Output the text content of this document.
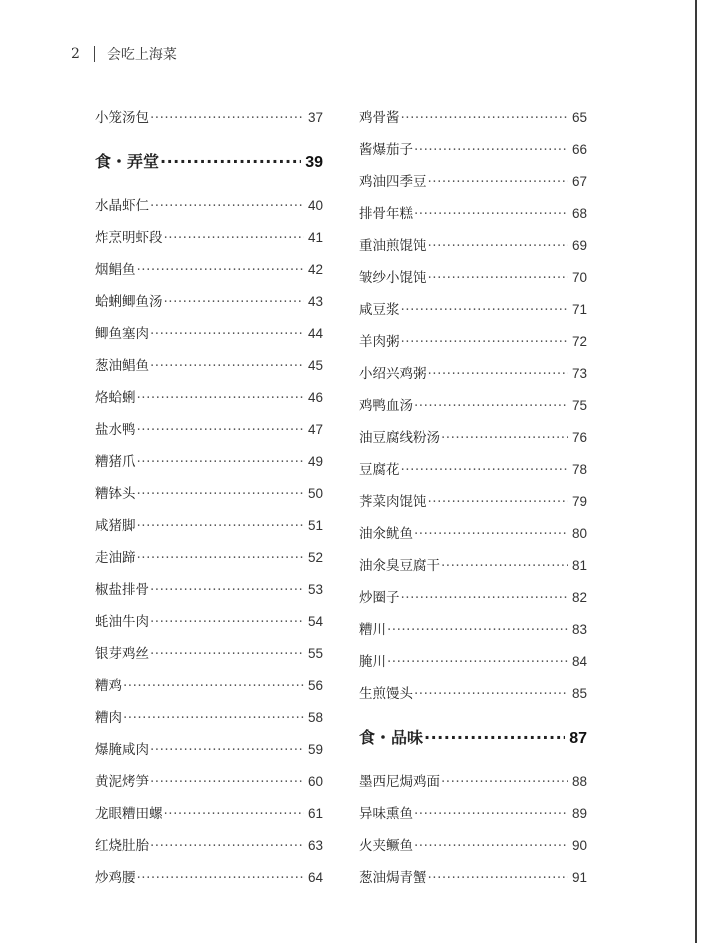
2 会吃上海菜
小笼汤包 ·····	37
食・弄堂 ·····	39
水晶虾仁 ·····	40
炸烹明虾段 ·····	41
烟鲳鱼 ·····	42
蛤蜊鲫鱼汤 ·····	43
鲫鱼塞肉 ·····	44
葱油鲳鱼 ·····	45
烙蛤蜊 ·····	46
盐水鸭 ·····	47
糟猪爪 ·····	49
糟钵头 ·····	50
咸猪脚 ·····	51
走油蹄 ·····	52
椒盐排骨 ·····	53
蚝油牛肉 ·····	54
银芽鸡丝 ·····	55
糟鸡 ·····	56
糟肉 ·····	58
爆腌咸肉 ·····	59
黄泥烤笋 ·····	60
龙眼糟田螺 ·····	61
红烧肚胎 ·····	63
炒鸡腰 ·····	64
鸡骨酱 ·····	65
酱爆茄子 ·····	66
鸡油四季豆 ·····	67
排骨年糕 ·····	68
重油煎馄饨 ·····	69
皱纱小馄饨 ·····	70
咸豆浆 ·····	71
羊肉粥 ·····	72
小绍兴鸡粥 ·····	73
鸡鸭血汤 ·····	75
油豆腐线粉汤 ·····	76
豆腐花 ·····	78
荠菜肉馄饨 ·····	79
油氽鱿鱼 ·····	80
油氽臭豆腐干 ·····	81
炒圈子 ·····	82
糟川 ·····	83
腌川 ·····	84
生煎馒头 ·····	85
食・品味 ·····	87
墨西尼焗鸡面 ·····	88
异味熏鱼 ·····	89
火夹鳜鱼 ·····	90
葱油焗青蟹 ·····	91
